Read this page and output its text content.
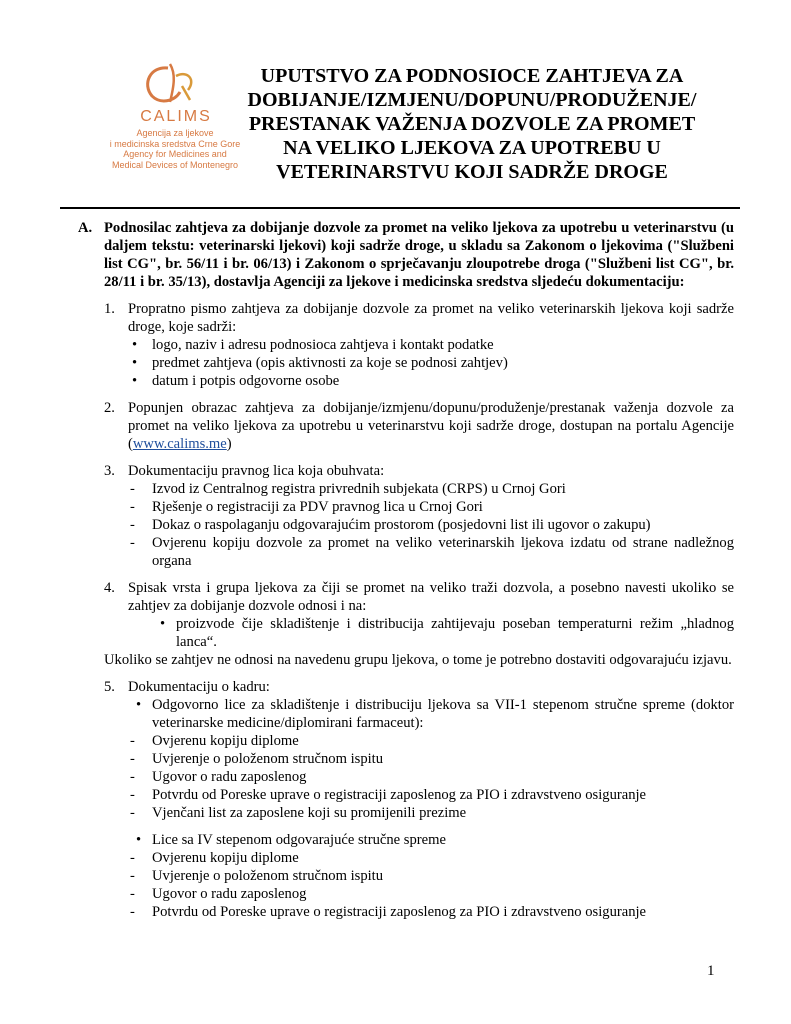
CALIMS
Agencija za ljekove
i medicinska sredstva Crne Gore
Agency for Medicines and
Medical Devices of Montenegro
UPUTSTVO ZA PODNOSIOCE ZAHTJEVA ZA
DOBIJANJE/IZMJENU/DOPUNU/PRODUŽENJE/
PRESTANAK VAŽENJA DOZVOLE ZA PROMET
NA VELIKO LJEKOVA ZA UPOTREBU U
VETERINARSTVU KOJI SADRŽE DROGE
A. Podnosilac zahtjeva za dobijanje dozvole za promet na veliko ljekova za upotrebu u veterinarstvu (u daljem tekstu: veterinarski ljekovi) koji sadrže droge, u skladu sa Zakonom o ljekovima ("Službeni list CG", br. 56/11 i br. 06/13) i Zakonom o sprječavanju zloupotrebe droga ("Službeni list CG", br. 28/11 i br. 35/13), dostavlja Agenciji za ljekove i medicinska sredstva sljedeću dokumentaciju:
1. Propratno pismo zahtjeva za dobijanje dozvole za promet na veliko veterinarskih ljekova koji sadrže droge, koje sadrži:
• logo, naziv i adresu podnosioca zahtjeva i kontakt podatke
• predmet zahtjeva (opis aktivnosti za koje se podnosi zahtjev)
• datum i potpis odgovorne osobe
2. Popunjen obrazac zahtjeva za dobijanje/izmjenu/dopunu/produženje/prestanak važenja dozvole za promet na veliko ljekova za upotrebu u veterinarstvu koji sadrže droge, dostupan na portalu Agencije (www.calims.me)
3. Dokumentaciju pravnog lica koja obuhvata:
- Izvod iz Centralnog registra privrednih subjekata (CRPS) u Crnoj Gori
- Rješenje o registraciji za PDV pravnog lica u Crnoj Gori
- Dokaz o raspolaganju odgovarajućim prostorom (posjedovni list ili ugovor o zakupu)
- Ovjerenu kopiju dozvole za promet na veliko veterinarskih ljekova izdatu od strane nadležnog organa
4. Spisak vrsta i grupa ljekova za čiji se promet na veliko traži dozvola, a posebno navesti ukoliko se zahtjev za dobijanje dozvole odnosi i na:
• proizvode čije skladištenje i distribucija zahtijevaju poseban temperaturni režim „hladnog lanca“.
Ukoliko se zahtjev ne odnosi na navedenu grupu ljekova, o tome je potrebno dostaviti odgovarajuću izjavu.
5. Dokumentaciju o kadru:
• Odgovorno lice za skladištenje i distribuciju ljekova sa VII-1 stepenom stručne spreme (doktor veterinarske medicine/diplomirani farmaceut):
- Ovjerenu kopiju diplome
- Uvjerenje o položenom stručnom ispitu
- Ugovor o radu zaposlenog
- Potvrdu od Poreske uprave o registraciji zaposlenog za PIO i zdravstveno osiguranje
- Vjenčani list za zaposlene koji su promijenili prezime
• Lice sa IV stepenom odgovarajuće stručne spreme
- Ovjerenu kopiju diplome
- Uvjerenje o položenom stručnom ispitu
- Ugovor o radu zaposlenog
- Potvrdu od Poreske uprave o registraciji zaposlenog za PIO i zdravstveno osiguranje
1
